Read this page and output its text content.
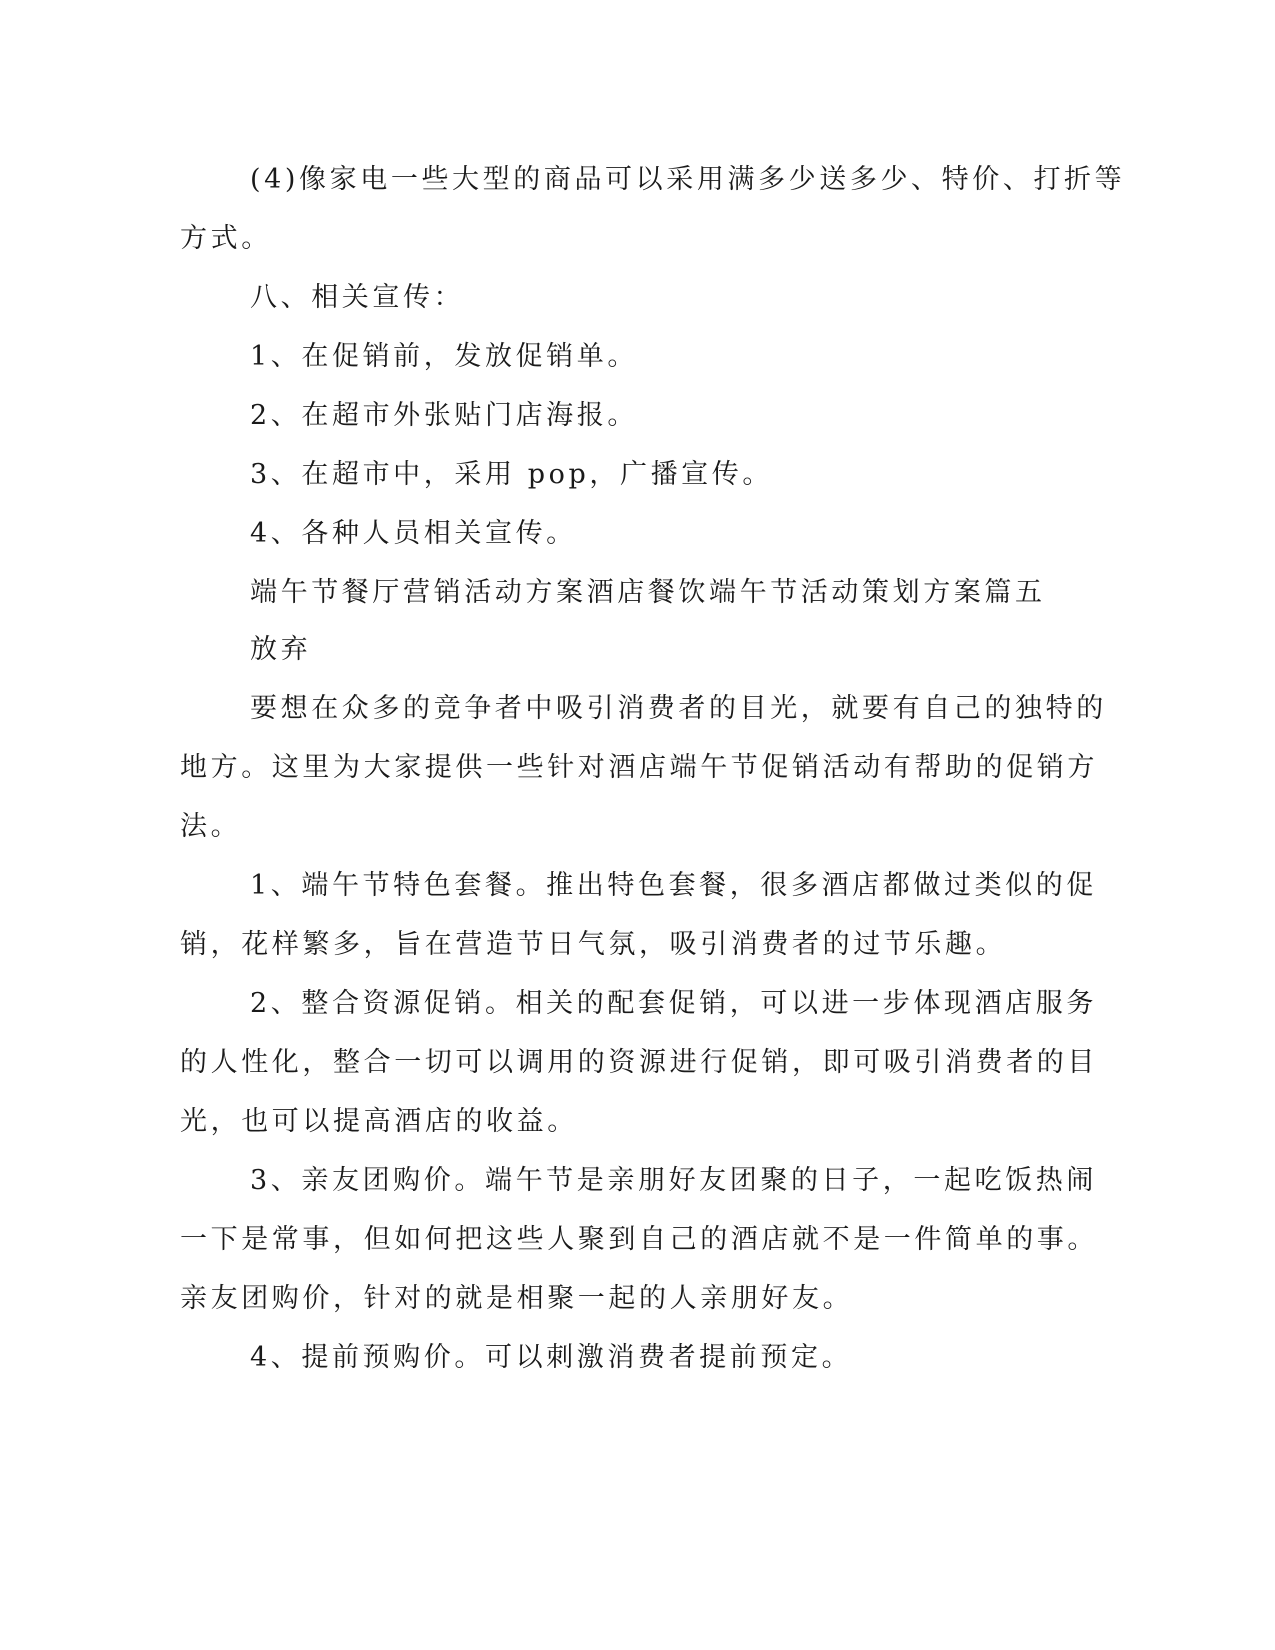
(4)像家电一些大型的商品可以采用满多少送多少、特价、打折等
方式。
八、相关宣传：
1、在促销前，发放促销单。
2、在超市外张贴门店海报。
3、在超市中，采用 pop，广播宣传。
4、各种人员相关宣传。
端午节餐厅营销活动方案酒店餐饮端午节活动策划方案篇五
放弃
要想在众多的竞争者中吸引消费者的目光，就要有自己的独特的
地方。这里为大家提供一些针对酒店端午节促销活动有帮助的促销方
法。
1、端午节特色套餐。推出特色套餐，很多酒店都做过类似的促
销，花样繁多，旨在营造节日气氛，吸引消费者的过节乐趣。
2、整合资源促销。相关的配套促销，可以进一步体现酒店服务
的人性化，整合一切可以调用的资源进行促销，即可吸引消费者的目
光，也可以提高酒店的收益。
3、亲友团购价。端午节是亲朋好友团聚的日子，一起吃饭热闹
一下是常事，但如何把这些人聚到自己的酒店就不是一件简单的事。
亲友团购价，针对的就是相聚一起的人亲朋好友。
4、提前预购价。可以刺激消费者提前预定。
